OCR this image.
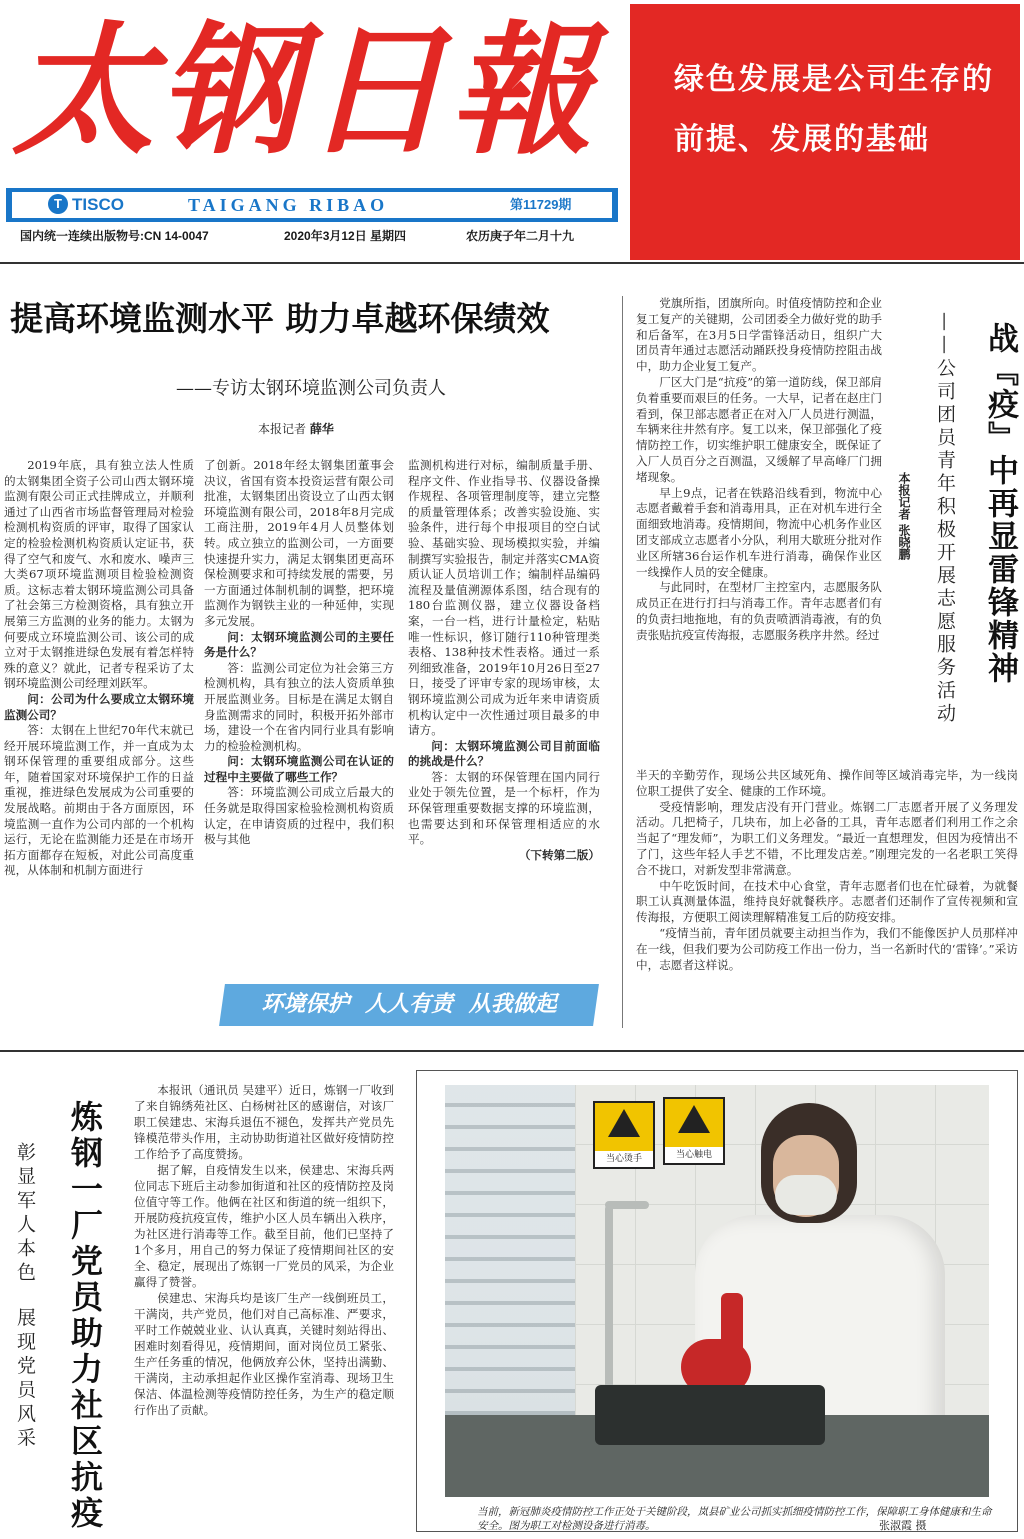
太钢日報
T TISCO	TAIGANG RIBAO	第11729期
国内统一连续出版物号:CN 14-0047	2020年3月12日 星期四	农历庚子年二月十九
绿色发展是公司生存的前提、发展的基础
提高环境监测水平 助力卓越环保绩效
——专访太钢环境监测公司负责人
本报记者 薛华

2019年底，具有独立法人性质的太钢集团全资子公司山西太钢环境监测有限公司正式挂牌成立，并顺利通过了山西省市场监督管理局对检验检测机构资质的评审，取得了国家认定的检验检测机构资质认定证书，获得了空气和废气、水和废水、噪声三大类67项环境监测项目检验检测资质。这标志着太钢环境监测公司具备了社会第三方检测资格，具有独立开展第三方监测的业务的能力。太钢为何要成立环境监测公司、该公司的成立对于太钢推进绿色发展有着怎样特殊的意义？就此，记者专程采访了太钢环境监测公司经理刘跃军。

问：公司为什么要成立太钢环境监测公司？

答：太钢在上世纪70年代末就已经开展环境监测工作，并一直成为太钢环保管理的重要组成部分。这些年，随着国家对环境保护工作的日益重视，推进绿色发展成为公司重要的发展战略。前期由于各方面原因，环境监测一直作为公司内部的一个机构运行，无论在监测能力还是在市场开拓方面都存在短板，对此公司高度重视，从体制和机制方面进行

了创新。2018年经太钢集团董事会决议，省国有资本投资运营有限公司批准，太钢集团出资设立了山西太钢环境监测有限公司，2018年8月完成工商注册，2019年4月人员整体划转。成立独立的监测公司，一方面要快速提升实力，满足太钢集团更高环保检测要求和可持续发展的需要，另一方面通过体制机制的调整，把环境监测作为钢铁主业的一种延伸，实现多元发展。

问：太钢环境监测公司的主要任务是什么？

答：监测公司定位为社会第三方检测机构，具有独立的法人资质单独开展监测业务。目标是在满足太钢自身监测需求的同时，积极开拓外部市场，建设一个在省内同行业具有影响力的检验检测机构。

问：太钢环境监测公司在认证的过程中主要做了哪些工作？

答：环境监测公司成立后最大的任务就是取得国家检验检测机构资质认定，在申请资质的过程中，我们积极与其他

监测机构进行对标，编制质量手册、程序文件、作业指导书、仪器设备操作规程、各项管理制度等，建立完整的质量管理体系；改善实验设施、实验条件，进行每个申报项目的空白试验、基础实验、现场模拟实验，并编制撰写实验报告，制定并落实CMA资质认证人员培训工作；编制样品编码流程及量值溯源体系图，结合现有的180台监测仪器，建立仪器设备档案，一台一档，进行计量检定，粘贴唯一性标识，修订随行110种管理类表格、138种技术性表格。通过一系列细致准备，2019年10月26日至27日，接受了评审专家的现场审核，太钢环境监测公司成为近年来申请资质机构认定中一次性通过项目最多的申请方。

问：太钢环境监测公司目前面临的挑战是什么？

答：太钢的环保管理在国内同行业处于领先位置，是一个标杆，作为环保管理重要数据支撑的环境监测，也需要达到和环保管理相适应的水平。

（下转第二版）

环境保护 人人有责 从我做起

党旗所指，团旗所向。时值疫情防控和企业复工复产的关键期，公司团委全力做好党的助手和后备军，在3月5日学雷锋活动日，组织广大团员青年通过志愿活动踊跃投身疫情防控阻击战中，助力企业复工复产。

厂区大门是“抗疫”的第一道防线，保卫部肩负着重要而艰巨的任务。一大早，记者在赵庄门看到，保卫部志愿者正在对入厂人员进行测温，车辆来往井然有序。复工以来，保卫部强化了疫情防控工作，切实维护职工健康安全，既保证了入厂人员百分之百测温，又缓解了早高峰厂门拥堵现象。

早上9点，记者在铁路沿线看到，物流中心志愿者戴着手套和消毒用具，正在对机车进行全面细致地消毒。疫情期间，物流中心机务作业区团支部成立志愿者小分队，利用大歇班分批对作业区所辖36台运作机车进行消毒，确保作业区一线操作人员的安全健康。

与此同时，在型材厂主控室内，志愿服务队成员正在进行打扫与消毒工作。青年志愿者们有的负责扫地拖地，有的负责喷洒消毒液，有的负责张贴抗疫宣传海报，志愿服务秩序井然。经过

本报记者 张晓鹏 ——公司团员青年积极开展志愿服务活动 战『疫』中再显雷锋精神

半天的辛勤劳作，现场公共区域死角、操作间等区域消毒完毕，为一线岗位职工提供了安全、健康的工作环境。

受疫情影响，理发店没有开门营业。炼钢二厂志愿者开展了义务理发活动。几把椅子，几块布，加上必备的工具，青年志愿者们利用工作之余当起了“理发师”，为职工们义务理发。“最近一直想理发，但因为疫情出不了门，这些年轻人手艺不错，不比理发店差。”刚理完发的一名老职工笑得合不拢口，对新发型非常满意。

中午吃饭时间，在技术中心食堂，青年志愿者们也在忙碌着，为就餐职工认真测量体温，维持良好就餐秩序。志愿者们还制作了宣传视频和宣传海报，方便职工阅读理解精准复工后的防疫安排。

“疫情当前，青年团员就要主动担当作为，我们不能像医护人员那样冲在一线，但我们要为公司防疫工作出一份力，当一名新时代的‘雷锋’。”采访中，志愿者这样说。

彰显军人本色 展现党员风采 炼钢一厂党员助力社区抗疫

本报讯（通讯员 吴建平）近日，炼钢一厂收到了来自锦绣苑社区、白杨树社区的感谢信，对该厂职工侯建忠、宋海兵退伍不褪色，发挥共产党员先锋模范带头作用，主动协助街道社区做好疫情防控工作给予了高度赞扬。

据了解，自疫情发生以来，侯建忠、宋海兵两位同志下班后主动参加街道和社区的疫情防控及岗位值守等工作。他俩在社区和街道的统一组织下，开展防疫抗疫宣传，维护小区人员车辆出入秩序，为社区进行消毒等工作。截至目前，他们已坚持了1个多月，用自己的努力保证了疫情期间社区的安全、稳定，展现出了炼钢一厂党员的风采，为企业赢得了赞誉。

侯建忠、宋海兵均是该厂生产一线倒班员工，干满岗，共产党员，他们对自己高标准、严要求，平时工作兢兢业业、认认真真，关键时刻站得出、困难时刻看得见，疫情期间，面对岗位员工紧张、生产任务重的情况，他俩放弃公休，坚持出满勤、干满岗，主动承担起作业区操作室消毒、现场卫生保洁、体温检测等疫情防控任务，为生产的稳定顺行作出了贡献。

当心烫手	当心触电
当前，新冠肺炎疫情防控工作正处于关键阶段，岚县矿业公司抓实抓细疫情防控工作，保障职工身体健康和生命安全。图为职工对检测设备进行消毒。	张淑霞 摄
